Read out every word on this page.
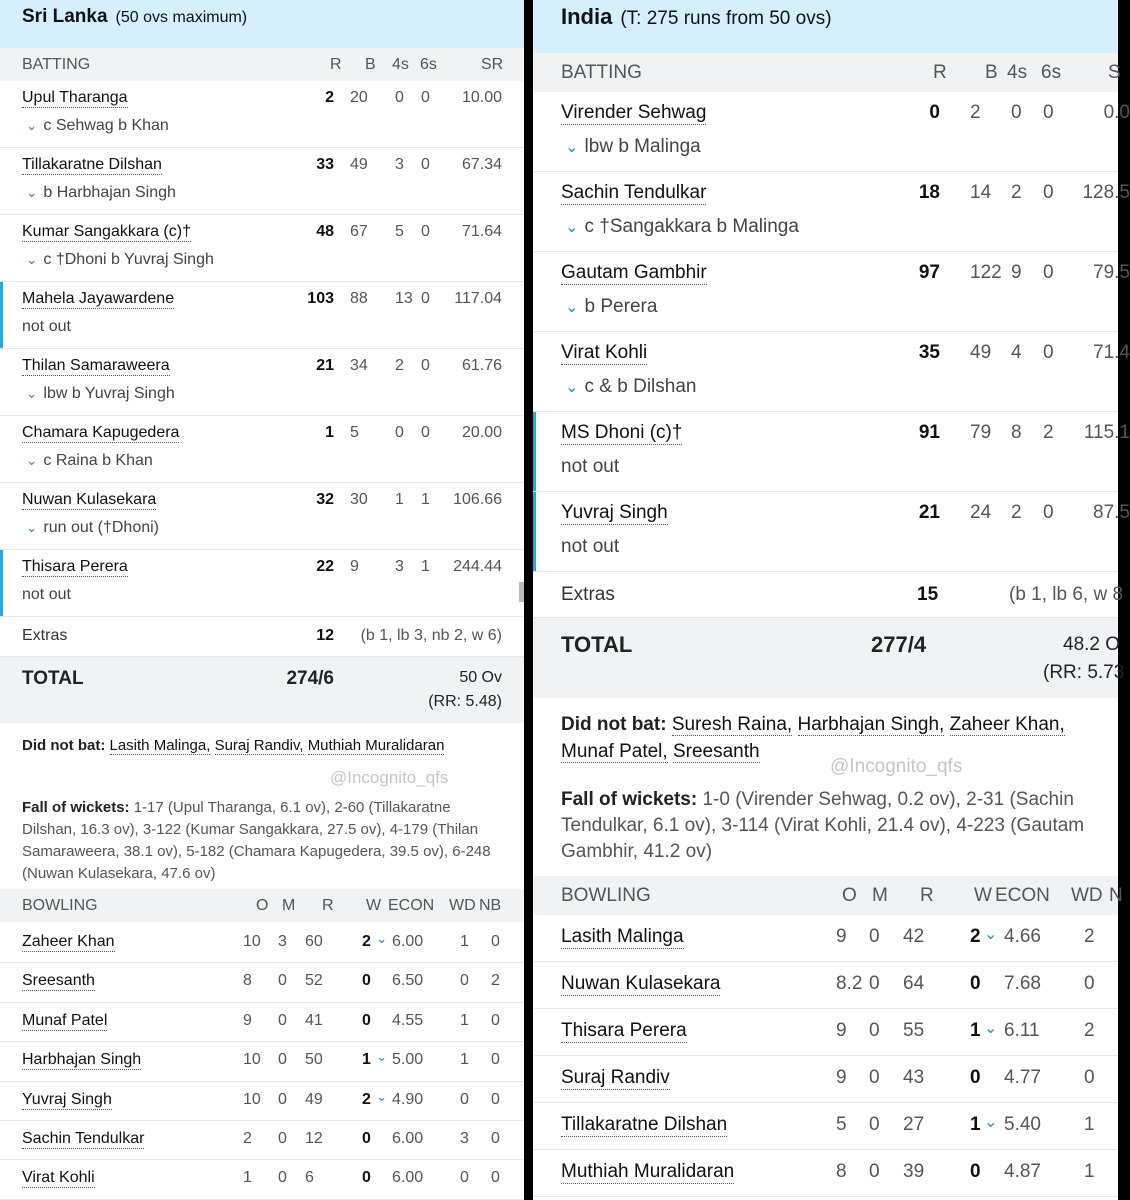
Sri Lanka (50 ovs maximum)
BATTING	R B 4s 6s	SR
Upul Tharanga
⌄ c Sehwag b Khan
2 20 0 0 10.00
Tillakaratne Dilshan
⌄ b Harbhajan Singh
33 49 3 0 67.34
Kumar Sangakkara (c)†
⌄ c †Dhoni b Yuvraj Singh
48 67 5 0 71.64
Mahela Jayawardene
not out
103 88 13 0 117.04
Thilan Samaraweera
⌄ lbw b Yuvraj Singh
21 34 2 0 61.76
Chamara Kapugedera
⌄ c Raina b Khan
1 5 0 0 20.00
Nuwan Kulasekara
⌄ run out (†Dhoni)
32 30 1 1 106.66
Thisara Perera
not out
22 9 3 1 244.44
Extras	12 (b 1, lb 3, nb 2, w 6)
TOTAL	274/6	50 Ov
(RR: 5.48)
Did not bat: Lasith Malinga, Suraj Randiv, Muthiah Muralidaran
@Incognito_qfs
Fall of wickets: 1-17 (Upul Tharanga, 6.1 ov), 2-60 (Tillakaratne Dilshan, 16.3 ov), 3-122 (Kumar Sangakkara, 27.5 ov), 4-179 (Thilan Samaraweera, 38.1 ov), 5-182 (Chamara Kapugedera, 39.5 ov), 6-248 (Nuwan Kulasekara, 47.6 ov)
BOWLING	O M R W ECON WD NB
Zaheer Khan	10 3 60 2 ⌄ 6.00 1 0
Sreesanth	8 0 52 0 6.50 0 2
Munaf Patel	9 0 41 0 4.55 1 0
Harbhajan Singh	10 0 50 1 ⌄ 5.00 1 0
Yuvraj Singh	10 0 49 2 ⌄ 4.90 0 0
Sachin Tendulkar	2 0 12 0 6.00 3 0
Virat Kohli	1 0 6	0 6.00 0 0
India (T: 275 runs from 50 ovs)
BATTING	R B 4s 6s S
Virender Sehwag
⌄ lbw b Malinga
0 2 0 0	0.0
Sachin Tendulkar
⌄ c †Sangakkara b Malinga
18 14 2 0 128.5
Gautam Gambhir
⌄ b Perera
97 122 9 0 79.5
Virat Kohli
⌄ c & b Dilshan
35 49 4 0 71.4
MS Dhoni (c)†
not out
91 79 8 2 115.1
Yuvraj Singh
not out
21 24 2 0 87.5
Extras	15	(b 1, lb 6, w 8
TOTAL	277/4	48.2 O
(RR: 5.73
Did not bat: Suresh Raina, Harbhajan Singh, Zaheer Khan, Munaf Patel, Sreesanth
@Incognito_qfs
Fall of wickets: 1-0 (Virender Sehwag, 0.2 ov), 2-31 (Sachin Tendulkar, 6.1 ov), 3-114 (Virat Kohli, 21.4 ov), 4-223 (Gautam Gambhir, 41.2 ov)
BOWLING	O M R W ECON WD N
Lasith Malinga	9 0 42 2 ⌄ 4.66 2
Nuwan Kulasekara	8.2 0 64 0 7.68 0
Thisara Perera	9 0 55 1 ⌄ 6.11 2
Suraj Randiv	9 0 43 0 4.77 0
Tillakaratne Dilshan	5 0 27 1 ⌄ 5.40 1
Muthiah Muralidaran	8 0 39 0 4.87 1
